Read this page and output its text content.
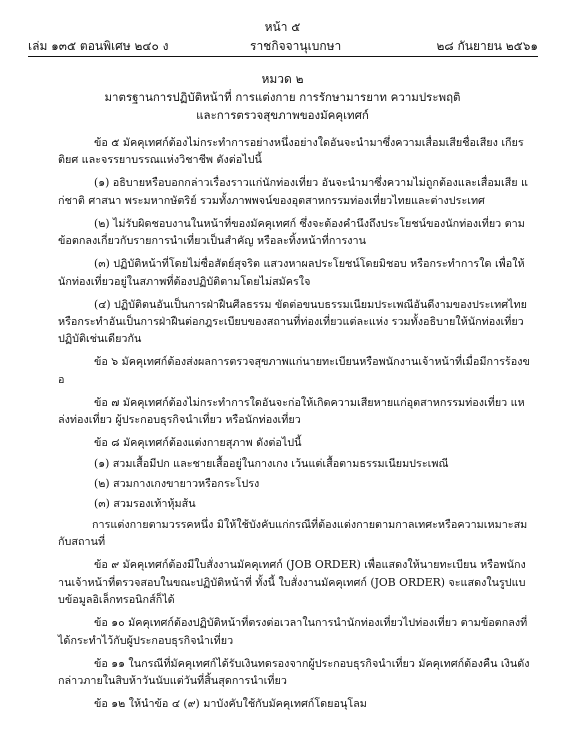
หน้า ๕
เล่ม ๑๓๕ ตอนพิเศษ ๒๔๐ ง	ราชกิจจานุเบกษา	๒๘ กันยายน ๒๕๖๑
หมวด ๒
มาตรฐานการปฏิบัติหน้าที่ การแต่งกาย การรักษามารยาท ความประพฤติ
และการตรวจสุขภาพของมัคคุเทศก์

ข้อ ๕ มัคคุเทศก์ต้องไม่กระทำการอย่างหนึ่งอย่างใดอันจะนำมาซึ่งความเสื่อมเสียชื่อเสียง เกียรติยศ และจรรยาบรรณแห่งวิชาชีพ ดังต่อไปนี้

(๑) อธิบายหรือบอกกล่าวเรื่องราวแก่นักท่องเที่ยว อันจะนำมาซึ่งความไม่ถูกต้องและเสื่อมเสีย แก่ชาติ ศาสนา พระมหากษัตริย์ รวมทั้งภาพพจน์ของอุตสาหกรรมท่องเที่ยวไทยและต่างประเทศ

(๒) ไม่รับผิดชอบงานในหน้าที่ของมัคคุเทศก์ ซึ่งจะต้องคำนึงถึงประโยชน์ของนักท่องเที่ยว ตามข้อตกลงเกี่ยวกับรายการนำเที่ยวเป็นสำคัญ หรือละทิ้งหน้าที่การงาน

(๓) ปฏิบัติหน้าที่โดยไม่ซื่อสัตย์สุจริต แสวงหาผลประโยชน์โดยมิชอบ หรือกระทำการใด เพื่อให้นักท่องเที่ยวอยู่ในสภาพที่ต้องปฏิบัติตามโดยไม่สมัครใจ

(๔) ปฏิบัติตนอันเป็นการฝ่าฝืนศีลธรรม ขัดต่อขนบธรรมเนียมประเพณีอันดีงามของประเทศไทย หรือกระทำอันเป็นการฝ่าฝืนต่อกฎระเบียบของสถานที่ท่องเที่ยวแต่ละแห่ง รวมทั้งอธิบายให้นักท่องเที่ยว ปฏิบัติเช่นเดียวกัน

ข้อ ๖ มัคคุเทศก์ต้องส่งผลการตรวจสุขภาพแก่นายทะเบียนหรือพนักงานเจ้าหน้าที่เมื่อมีการร้องขอ

ข้อ ๗ มัคคุเทศก์ต้องไม่กระทำการใดอันจะก่อให้เกิดความเสียหายแก่อุตสาหกรรมท่องเที่ยว แหล่งท่องเที่ยว ผู้ประกอบธุรกิจนำเที่ยว หรือนักท่องเที่ยว

ข้อ ๘ มัคคุเทศก์ต้องแต่งกายสุภาพ ดังต่อไปนี้

(๑) สวมเสื้อมีปก และชายเสื้ออยู่ในกางเกง เว้นแต่เสื้อตามธรรมเนียมประเพณี

(๒) สวมกางเกงขายาวหรือกระโปรง

(๓) สวมรองเท้าหุ้มส้น

การแต่งกายตามวรรคหนึ่ง มิให้ใช้บังคับแก่กรณีที่ต้องแต่งกายตามกาลเทศะหรือความเหมาะสม กับสถานที่

ข้อ ๙ มัคคุเทศก์ต้องมีใบสั่งงานมัคคุเทศก์ (JOB ORDER) เพื่อแสดงให้นายทะเบียน หรือพนักงานเจ้าหน้าที่ตรวจสอบในขณะปฏิบัติหน้าที่ ทั้งนี้ ใบสั่งงานมัคคุเทศก์ (JOB ORDER) จะแสดงในรูปแบบข้อมูลอิเล็กทรอนิกส์ก็ได้

ข้อ ๑๐ มัคคุเทศก์ต้องปฏิบัติหน้าที่ตรงต่อเวลาในการนำนักท่องเที่ยวไปท่องเที่ยว ตามข้อตกลงที่ได้กระทำไว้กับผู้ประกอบธุรกิจนำเที่ยว

ข้อ ๑๑ ในกรณีที่มัคคุเทศก์ได้รับเงินทดรองจากผู้ประกอบธุรกิจนำเที่ยว มัคคุเทศก์ต้องคืน เงินดังกล่าวภายในสิบห้าวันนับแต่วันที่สิ้นสุดการนำเที่ยว

ข้อ ๑๒ ให้นำข้อ ๔ (๙) มาบังคับใช้กับมัคคุเทศก์โดยอนุโลม
